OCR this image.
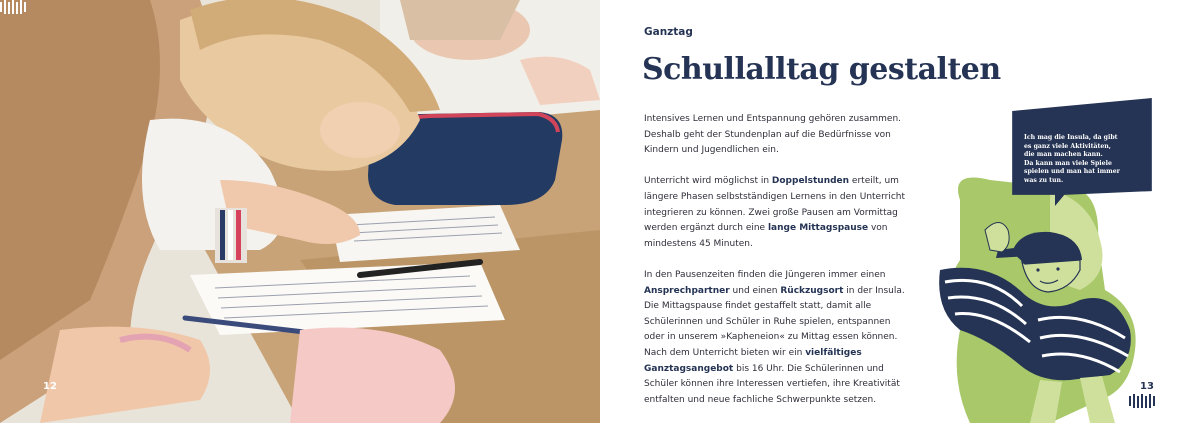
12
Ganztag
Schullalltag gestalten

Intensives Lernen und Entspannung gehören zusammen. Deshalb geht der Stundenplan auf die Bedürfnisse von Kindern und Jugendlichen ein.

Unterricht wird möglichst in Doppelstunden erteilt, um längere Phasen selbstständigen Lernens in den Unterricht integrieren zu können. Zwei große Pausen am Vormittag werden ergänzt durch eine lange Mittagspause von mindestens 45 Minuten.

In den Pausenzeiten finden die Jüngeren immer einen Ansprechpartner und einen Rückzugsort in der Insula. Die Mittagspause findet gestaffelt statt, damit alle Schülerinnen und Schüler in Ruhe spielen, entspannen oder in unserem »Kapheneion« zu Mittag essen können. Nach dem Unterricht bieten wir ein vielfältiges Ganztagsangebot bis 16 Uhr. Die Schülerinnen und Schüler können ihre Interessen vertiefen, ihre Kreativität entfalten und neue fachliche Schwerpunkte setzen.

Ich mag die Insula, da gibt
es ganz viele Aktivitäten,
die man machen kann.
Da kann man viele Spiele
spielen und man hat immer
was zu tun.
13
